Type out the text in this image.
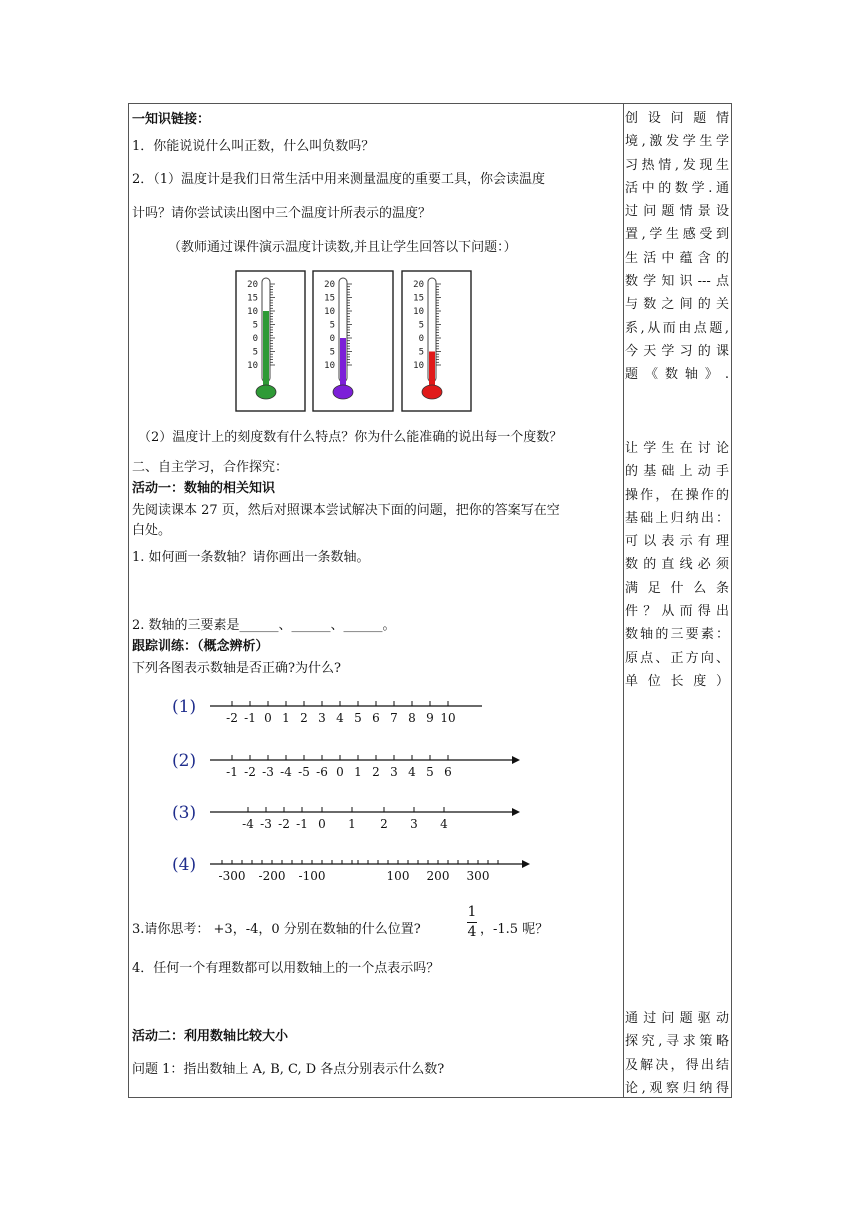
一知识链接：
1．你能说说什么叫正数，什么叫负数吗？
2．（1）温度计是我们日常生活中用来测量温度的重要工具，你会读温度
计吗？请你尝试读出图中三个温度计所表示的温度？
（教师通过课件演示温度计读数,并且让学生回答以下问题：）
20
15
10
5
0
5
10
20
15
10
5
0
5
10
20
15
10
5
0
5
10
（2）温度计上的刻度数有什么特点？你为什么能准确的说出每一个度数？
二、自主学习，合作探究：
活动一：数轴的相关知识
先阅读课本 27 页，然后对照课本尝试解决下面的问题，把你的答案写在空
白处。
1. 如何画一条数轴？请你画出一条数轴。
2. 数轴的三要素是______、______、______。
跟踪训练：（概念辨析）
下列各图表示数轴是否正确?为什么?
(1)
-2 -1 0 1 2 3 4 5 6 7 8 9 10
(2)
-1 -2 -3 -4 -5 -6 0 1 2 3 4 5 6
(3)
-4 -3 -2 -1 0 1 2 3 4
(4)
-300 -200 -100	100 200 300
3.请你思考： +3，-4，0 分别在数轴的什么位置?
1
4 ，-1.5 呢？
4．任何一个有理数都可以用数轴上的一个点表示吗？
活动二：利用数轴比较大小
问题 1：指出数轴上 A, B, C, D 各点分别表示什么数?
创设问题情
境,激发学生学
习热情,发现生
活中的数学.通
过问题情景设
置,学生感受到
生活中蕴含的
数学知识---点
与数之间的关
系,从而由点题,
今天学习的课
题《数轴》.
让学生在讨论
的基础上动手
操作，在操作的
基础上归纳出：
可以表示有理
数的直线必须
满足什么条
件？从而得出
数轴的三要素：
原点、正方向、
单位长度）
通过问题驱动
探究,寻求策略
及解决，得出结
论,观察归纳得
